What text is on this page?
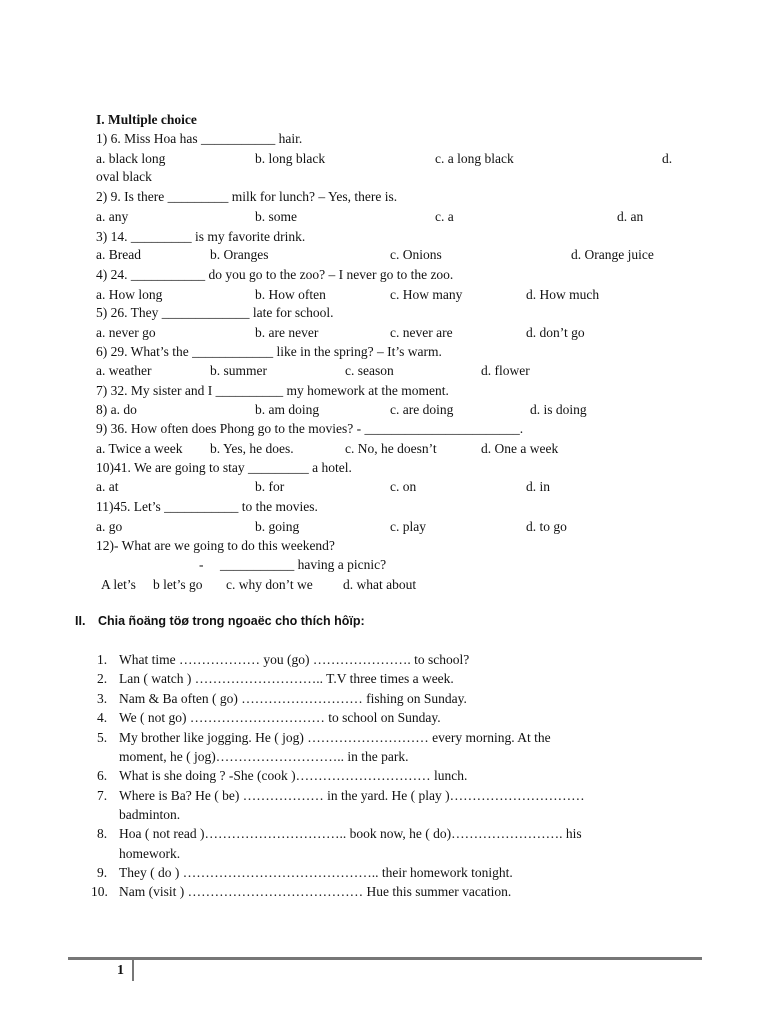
I. Multiple choice
1) 6. Miss Hoa has ___________ hair.
a. black long	b. long black	c. a long black	d.
oval black
2) 9. Is there _________ milk for lunch? – Yes, there is.
a. any	b. some	c. a	d. an
3) 14. _________ is my favorite drink.
a. Bread	b. Oranges	c. Onions	d. Orange juice
4) 24. ___________ do you go to the zoo? – I never go to the zoo.
a. How long	b. How often	c. How many	d. How much
5) 26. They _____________ late for school.
a. never go	b. are never	c. never are	d. don’t go
6) 29. What’s the ____________ like in the spring? – It’s warm.
a. weather	b. summer	c. season	d. flower
7) 32. My sister and I __________ my homework at the moment.
8) a. do	b. am doing	c. are doing	d. is doing
9) 36. How often does Phong go to the movies? - _______________________.
a. Twice a week b. Yes, he does.	c. No, he doesn’t	d. One a week
10)41. We are going to stay _________ a hotel.
a. at	b. for	c. on	d. in
11)45. Let’s ___________ to the movies.
a. go	b. going	c. play	d. to go
12)- What are we going to do this weekend?
- ___________ having a picnic?
A let’s b let’s go c. why don’t we d. what about
II. Chia ñoäng töø trong ngoaëc cho thích hôïp:
1. What time ……………… you (go) …………………. to school?
2. Lan ( watch ) ……………………….. T.V three times a week.
3. Nam & Ba often ( go) ……………………… fishing on Sunday.
4. We ( not go) ………………………… to school on Sunday.
5. My brother like jogging. He ( jog) ……………………… every morning. At the
moment, he ( jog)……………………….. in the park.
6. What is she doing ? -She (cook )………………………… lunch.
7. Where is Ba? He ( be) ……………… in the yard. He ( play )…………………………
badminton.
8. Hoa ( not read )………………………….. book now, he ( do)……………………. his
homework.
9. They ( do ) …………………………………….. their homework tonight.
10. Nam (visit ) ………………………………… Hue this summer vacation.
1
